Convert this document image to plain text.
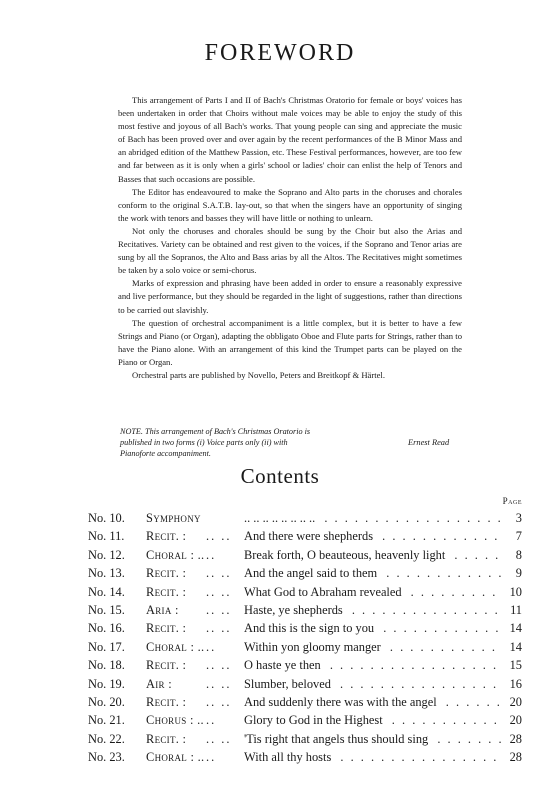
FOREWORD

This arrangement of Parts I and II of Bach's Christmas Oratorio for female or boys' voices has been undertaken in order that Choirs without male voices may be able to enjoy the study of this most festive and joyous of all Bach's works. That young people can sing and appreciate the music of Bach has been proved over and over again by the recent performances of the B Minor Mass and an abridged edition of the Matthew Passion, etc. These Festival performances, however, are too few and far between as it is only when a girls' school or ladies' choir can enlist the help of Tenors and Basses that such occasions are possible.

The Editor has endeavoured to make the Soprano and Alto parts in the choruses and chorales conform to the original S.A.T.B. lay-out, so that when the singers have an opportunity of singing the work with tenors and basses they will have little or nothing to unlearn.

Not only the choruses and chorales should be sung by the Choir but also the Arias and Recitatives. Variety can be obtained and rest given to the voices, if the Soprano and Tenor arias are sung by all the Sopranos, the Alto and Bass arias by all the Altos. The Recitatives might sometimes be taken by a solo voice or semi-chorus.

Marks of expression and phrasing have been added in order to ensure a reasonably expressive and live performance, but they should be regarded in the light of suggestions, rather than directions to be carried out slavishly.

The question of orchestral accompaniment is a little complex, but it is better to have a few Strings and Piano (or Organ), adapting the obbligato Oboe and Flute parts for Strings, rather than to have the Piano alone. With an arrangement of this kind the Trumpet parts can be played on the Piano or Organ.

Orchestral parts are published by Novello, Peters and Breitkopf & Härtel.

NOTE. This arrangement of Bach's Christmas Oratorio is published in two forms (i) Voice parts only (ii) with Pianoforte accompaniment.
Ernest Read
Contents
Page
No. 10. Symphony	.. .. .. .. .. .. .. .. . .	3
No. 11. Recit. : .. .. And there were shepherds . .	7
No. 12. Choral : .. .. Break forth, O beauteous, heavenly light . .	8
No. 13. Recit. : .. .. And the angel said to them . .	9
No. 14. Recit. : .. .. What God to Abraham revealed . .	10
No. 15. Aria : .. .. Haste, ye shepherds . .	11
No. 16. Recit. : .. .. And this is the sign to you . .	14
No. 17. Choral : .. .. Within yon gloomy manger . .	14
No. 18. Recit. : .. .. O haste ye then . .	15
No. 19. Air :	.. .. Slumber, beloved . .	16
No. 20. Recit. : .. .. And suddenly there was with the angel . .	20
No. 21. Chorus : .. .. Glory to God in the Highest . .	20
No. 22. Recit. : .. .. 'Tis right that angels thus should sing . .	28
No. 23. Choral : .. .. With all thy hosts . .	28
